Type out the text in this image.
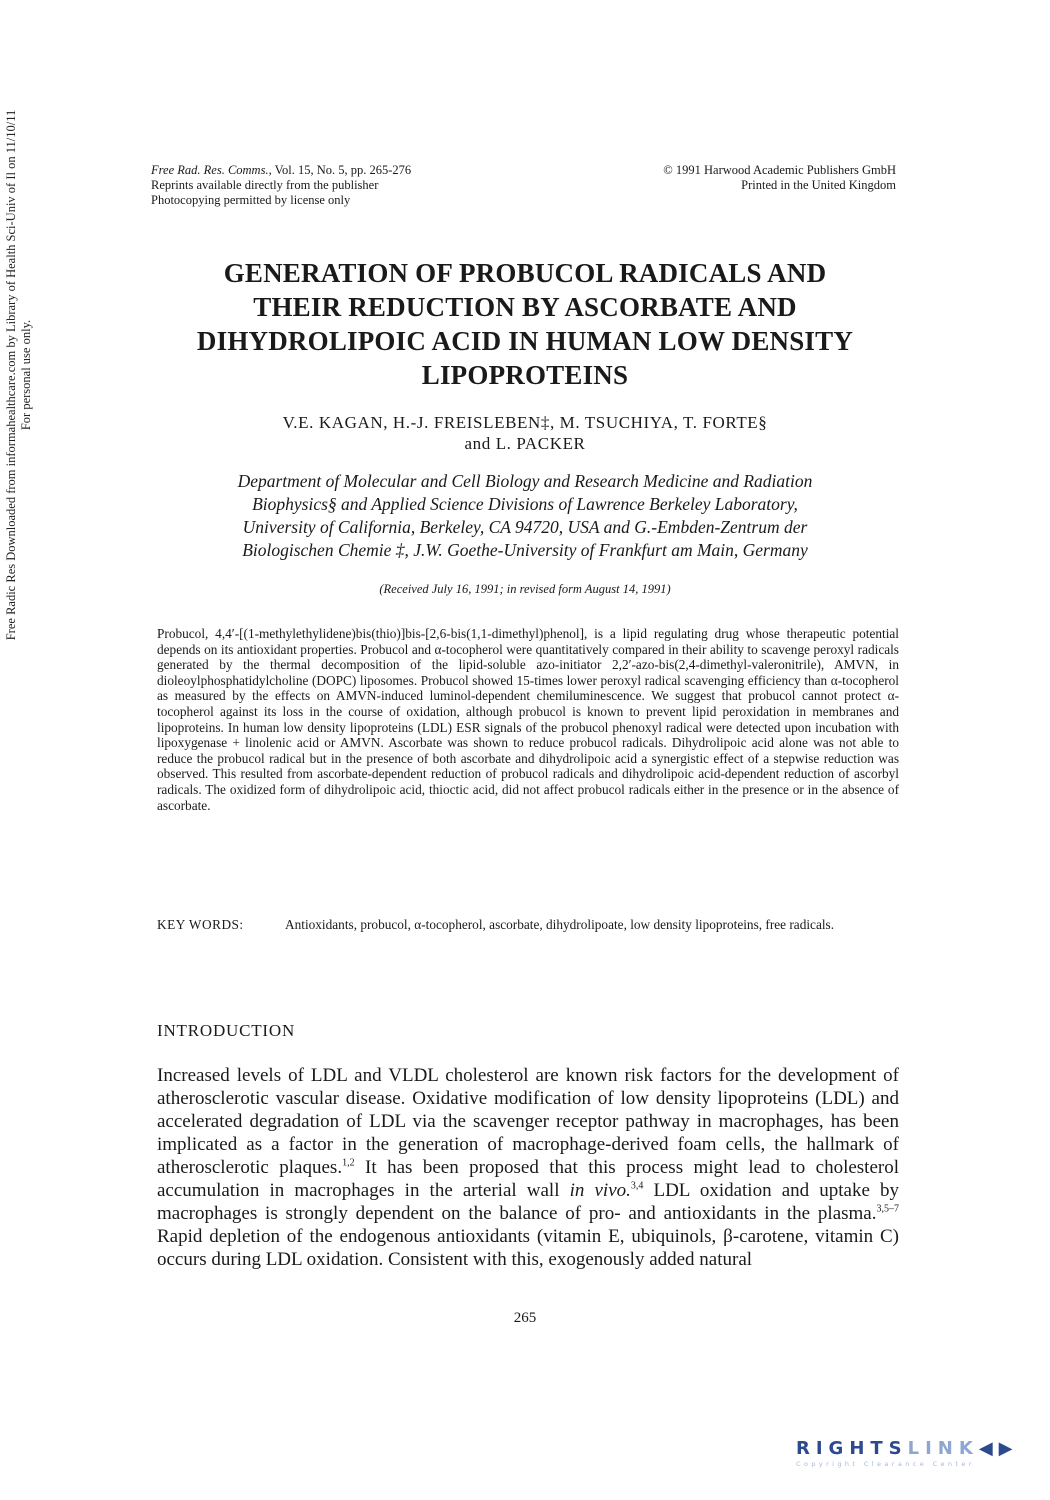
Free Rad. Res. Comms., Vol. 15, No. 5, pp. 265-276
Reprints available directly from the publisher
Photocopying permitted by license only
© 1991 Harwood Academic Publishers GmbH
Printed in the United Kingdom
GENERATION OF PROBUCOL RADICALS AND
THEIR REDUCTION BY ASCORBATE AND
DIHYDROLIPOIC ACID IN HUMAN LOW DENSITY
LIPOPROTEINS
V.E. KAGAN, H.-J. FREISLEBEN‡, M. TSUCHIYA, T. FORTE§
and L. PACKER
Department of Molecular and Cell Biology and Research Medicine and Radiation
Biophysics§ and Applied Science Divisions of Lawrence Berkeley Laboratory,
University of California, Berkeley, CA 94720, USA and G.-Embden-Zentrum der
Biologischen Chemie ‡, J.W. Goethe-University of Frankfurt am Main, Germany
(Received July 16, 1991; in revised form August 14, 1991)
Probucol, 4,4′-[(1-methylethylidene)bis(thio)]bis-[2,6-bis(1,1-dimethyl)phenol], is a lipid regulating drug whose therapeutic potential depends on its antioxidant properties. Probucol and α-tocopherol were quantitatively compared in their ability to scavenge peroxyl radicals generated by the thermal decomposition of the lipid-soluble azo-initiator 2,2′-azo-bis(2,4-dimethyl-valeronitrile), AMVN, in dioleoylphosphatidylcholine (DOPC) liposomes. Probucol showed 15-times lower peroxyl radical scavenging efficiency than α-tocopherol as measured by the effects on AMVN-induced luminol-dependent chemiluminescence. We suggest that probucol cannot protect α-tocopherol against its loss in the course of oxidation, although probucol is known to prevent lipid peroxidation in membranes and lipoproteins. In human low density lipoproteins (LDL) ESR signals of the probucol phenoxyl radical were detected upon incubation with lipoxygenase + linolenic acid or AMVN. Ascorbate was shown to reduce probucol radicals. Dihydrolipoic acid alone was not able to reduce the probucol radical but in the presence of both ascorbate and dihydrolipoic acid a synergistic effect of a stepwise reduction was observed. This resulted from ascorbate-dependent reduction of probucol radicals and dihydrolipoic acid-dependent reduction of ascorbyl radicals. The oxidized form of dihydrolipoic acid, thioctic acid, did not affect probucol radicals either in the presence or in the absence of ascorbate.
KEY WORDS:	Antioxidants, probucol, α-tocopherol, ascorbate, dihydrolipoate, low density lipoproteins, free radicals.
INTRODUCTION

Increased levels of LDL and VLDL cholesterol are known risk factors for the development of atherosclerotic vascular disease. Oxidative modification of low density lipoproteins (LDL) and accelerated degradation of LDL via the scavenger receptor pathway in macrophages, has been implicated as a factor in the generation of macrophage-derived foam cells, the hallmark of atherosclerotic plaques.$^{1,2}$ It has been proposed that this process might lead to cholesterol accumulation in macrophages in the arterial wall in vivo.$^{3,4}$ LDL oxidation and uptake by macrophages is strongly dependent on the balance of pro- and antioxidants in the plasma.$^{3,5-7}$ Rapid depletion of the endogenous antioxidants (vitamin E, ubiquinols, β-carotene, vitamin C) occurs during LDL oxidation. Consistent with this, exogenously added natural

265
Free Radic Res Downloaded from informahealthcare.com by Library of Health Sci-Univ of Il on 11/10/11 For personal use only.
RIGHTSLINK◀▶
Copyright Clearance Center
